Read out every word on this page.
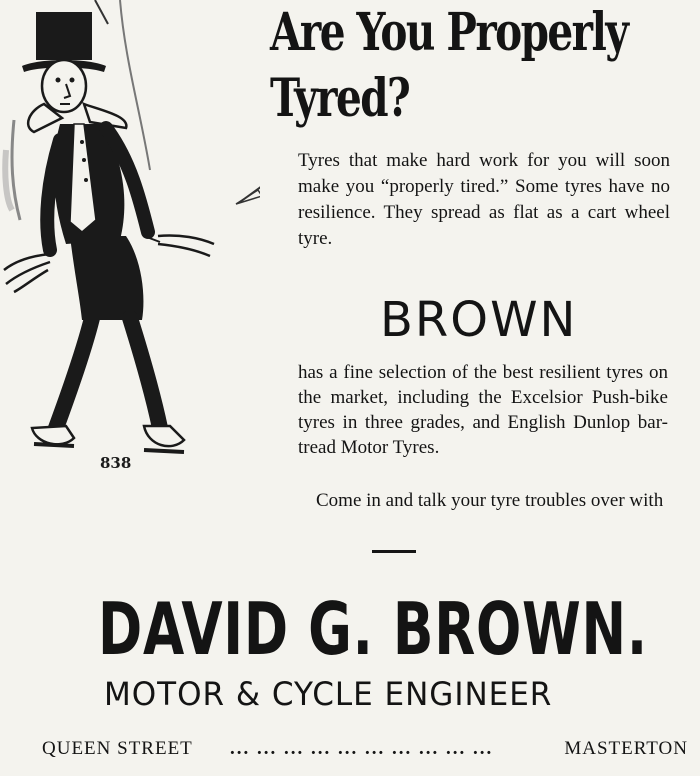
838
Are You Properly
Tyred?

Tyres that make hard work for you will soon make you “properly tired.” Some tyres have no resilience. They spread as flat as a cart wheel tyre.

BROWN

has a fine selection of the best resilient tyres on the market, including the Excelsior Push-bike tyres in three grades, and English Dunlop bar-tread Motor Tyres.

Come in and talk your tyre troubles over with

DAVID G. BROWN.
MOTOR & CYCLE ENGINEER
QUEEN STREET ... ... ... ... ... ... ... ... ... ...	MASTERTON
